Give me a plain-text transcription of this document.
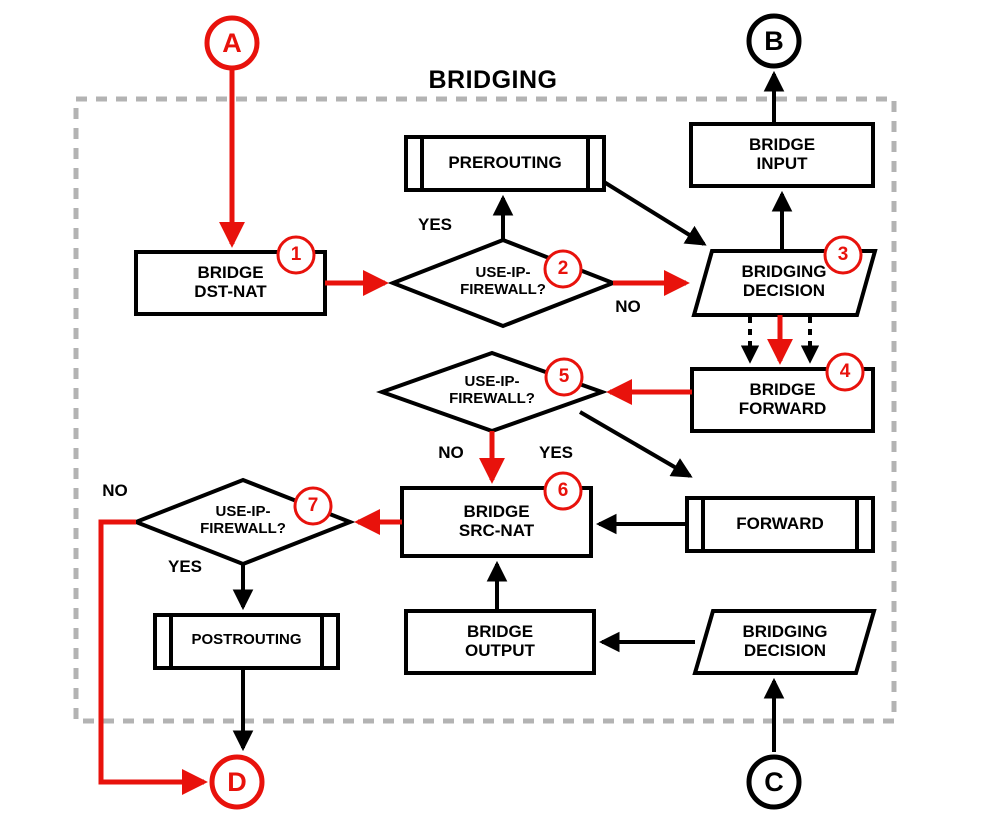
BRIDGING
A	B
C
D
1
2
3
4
5
6
7
BRIDGE
DST-NAT
PREROUTING
USE-IP-
FIREWALL?
BRIDGING
DECISION
BRIDGE
INPUT
BRIDGE
FORWARD
USE-IP-
FIREWALL?
FORWARD
BRIDGE
SRC-NAT
USE-IP-
FIREWALL?
POSTROUTING	BRIDGE
OUTPUT
BRIDGING
DECISION
YES
NO
NO	YES
NO
YES
